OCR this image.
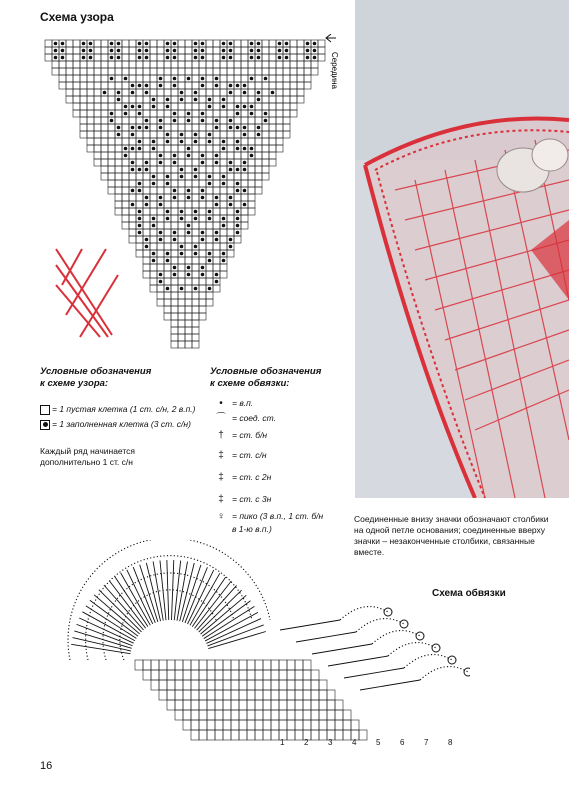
Схема узора
Середина
Условные обозначения
к схеме узора:
= 1 пустая клетка (1 ст. с/н, 2 в.п.)
= 1 заполненная клетка (3 ст. с/н)
Каждый ряд начинается
дополнительно 1 ст. с/н
Условные обозначения
к схеме обвязки:
•	= в.п.
⌒ = соед. ст.
† = ст. б/н
‡ = ст. с/н
‡ = ст. с 2н
‡ = ст. с 3н
♀ = пико (3 в.п., 1 ст. б/н
в 1-ю в.п.)
Соединенные внизу значки обозначают столбики на одной петле основания; соединенные вверху значки – незаконченные столбики, связанные вместе.
Схема обвязки
1 2 3 4 5 6 7 8
16
